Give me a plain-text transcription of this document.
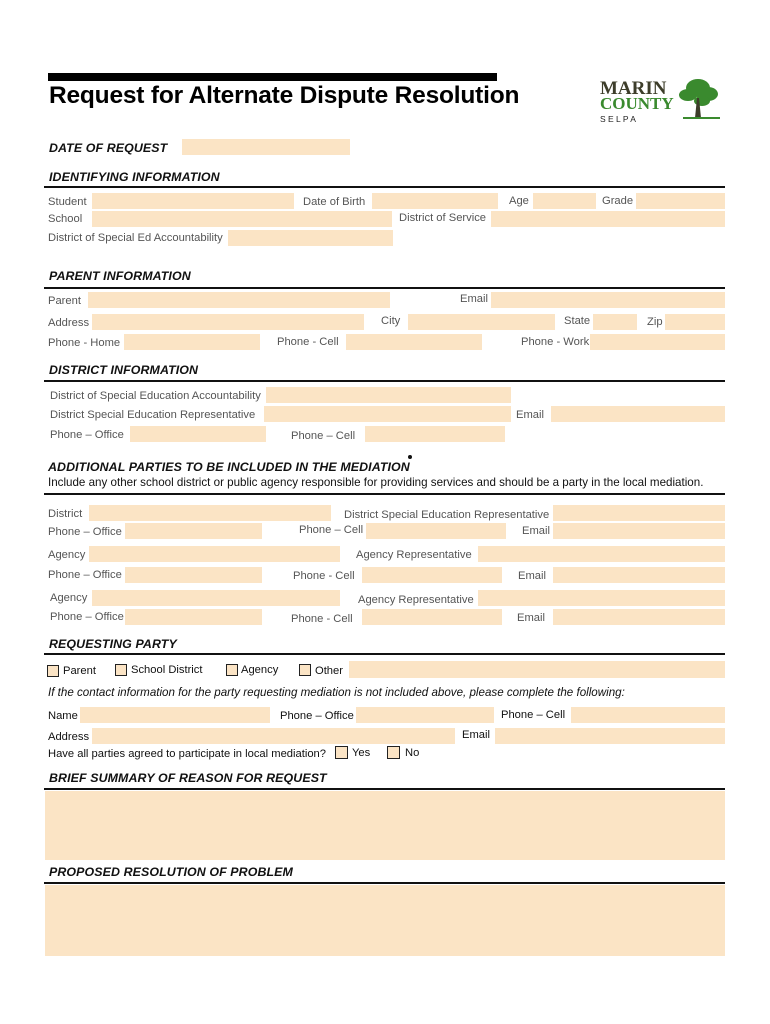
Request for Alternate Dispute Resolution	MARIN
COUNTY
S E L P A
DATE OF REQUEST
IDENTIFYING INFORMATION
Student	Date of Birth	Age	Grade
School	District of Service
District of Special Ed Accountability
PARENT INFORMATION
Parent	Email
Address	City	State	Zip
Phone - Home	Phone - Cell	Phone - Work
DISTRICT INFORMATION
District of Special Education Accountability
District Special Education Representative	Email
Phone – Office	Phone – Cell
ADDITIONAL PARTIES TO BE INCLUDED IN THE MEDIATION
Include any other school district or public agency responsible for providing services and should be a party in the local mediation.
District	District Special Education Representative
Phone – Office	Phone – Cell	Email
Agency	Agency Representative
Phone – Office	Phone - Cell	Email
Agency	Agency Representative
Phone – Office	Phone - Cell	Email
REQUESTING PARTY
Parent	School District	Agency	Other
If the contact information for the party requesting mediation is not included above, please complete the following:
Name	Phone – Office	Phone – Cell
Address	Email
Have all parties agreed to participate in local mediation? Yes	No
BRIEF SUMMARY OF REASON FOR REQUEST
PROPOSED RESOLUTION OF PROBLEM
